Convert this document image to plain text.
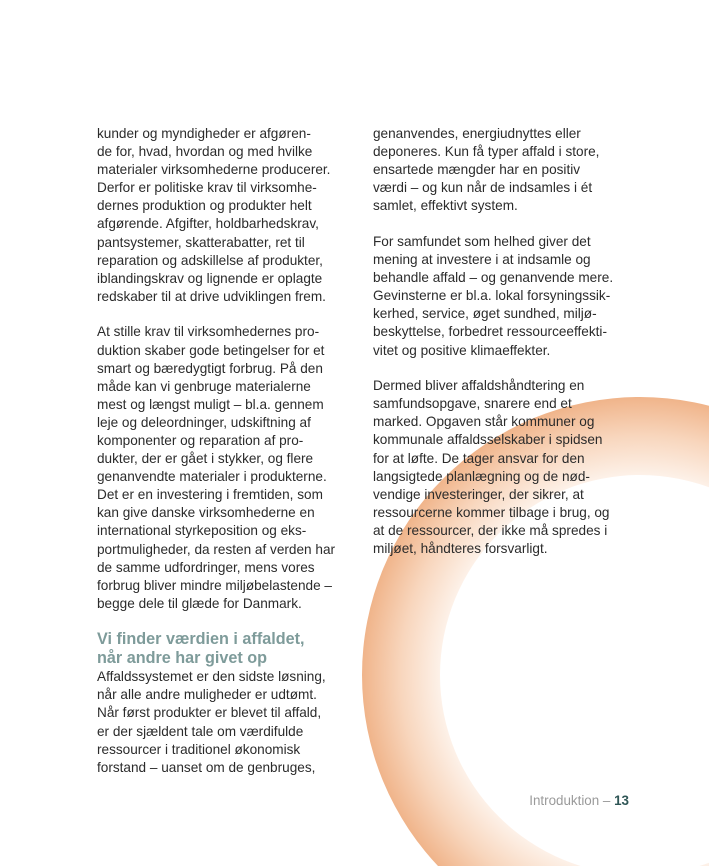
kunder og myndigheder er afgøren-
de for, hvad, hvordan og med hvilke
materialer virksomhederne producerer.
Derfor er politiske krav til virksomhe-
dernes produktion og produkter helt
afgørende. Afgifter, holdbarhedskrav,
pantsystemer, skatterabatter, ret til
reparation og adskillelse af produkter,
iblandingskrav og lignende er oplagte
redskaber til at drive udviklingen frem.

At stille krav til virksomhedernes pro-
duktion skaber gode betingelser for et
smart og bæredygtigt forbrug. På den
måde kan vi genbruge materialerne
mest og længst muligt – bl.a. gennem
leje og deleordninger, udskiftning af
komponenter og reparation af pro-
dukter, der er gået i stykker, og flere
genanvendte materialer i produkterne.
Det er en investering i fremtiden, som
kan give danske virksomhederne en
international styrkeposition og eks-
portmuligheder, da resten af verden har
de samme udfordringer, mens vores
forbrug bliver mindre miljøbelastende –
begge dele til glæde for Danmark.

Vi finder værdien i affaldet,
når andre har givet op

Affaldssystemet er den sidste løsning,
når alle andre muligheder er udtømt.
Når først produkter er blevet til affald,
er der sjældent tale om værdifulde
ressourcer i traditionel økonomisk
forstand – uanset om de genbruges,

genanvendes, energiudnyttes eller
deponeres. Kun få typer affald i store,
ensartede mængder har en positiv
værdi – og kun når de indsamles i ét
samlet, effektivt system.

For samfundet som helhed giver det
mening at investere i at indsamle og
behandle affald – og genanvende mere.
Gevinsterne er bl.a. lokal forsyningssik-
kerhed, service, øget sundhed, miljø-
beskyttelse, forbedret ressourceeffekti-
vitet og positive klimaeffekter.

Dermed bliver affaldshåndtering en
samfundsopgave, snarere end et
marked. Opgaven står kommuner og
kommunale affaldsselskaber i spidsen
for at løfte. De tager ansvar for den
langsigtede planlægning og de nød-
vendige investeringer, der sikrer, at
ressourcerne kommer tilbage i brug, og
at de ressourcer, der ikke må spredes i
miljøet, håndteres forsvarligt.

Introduktion – 13
